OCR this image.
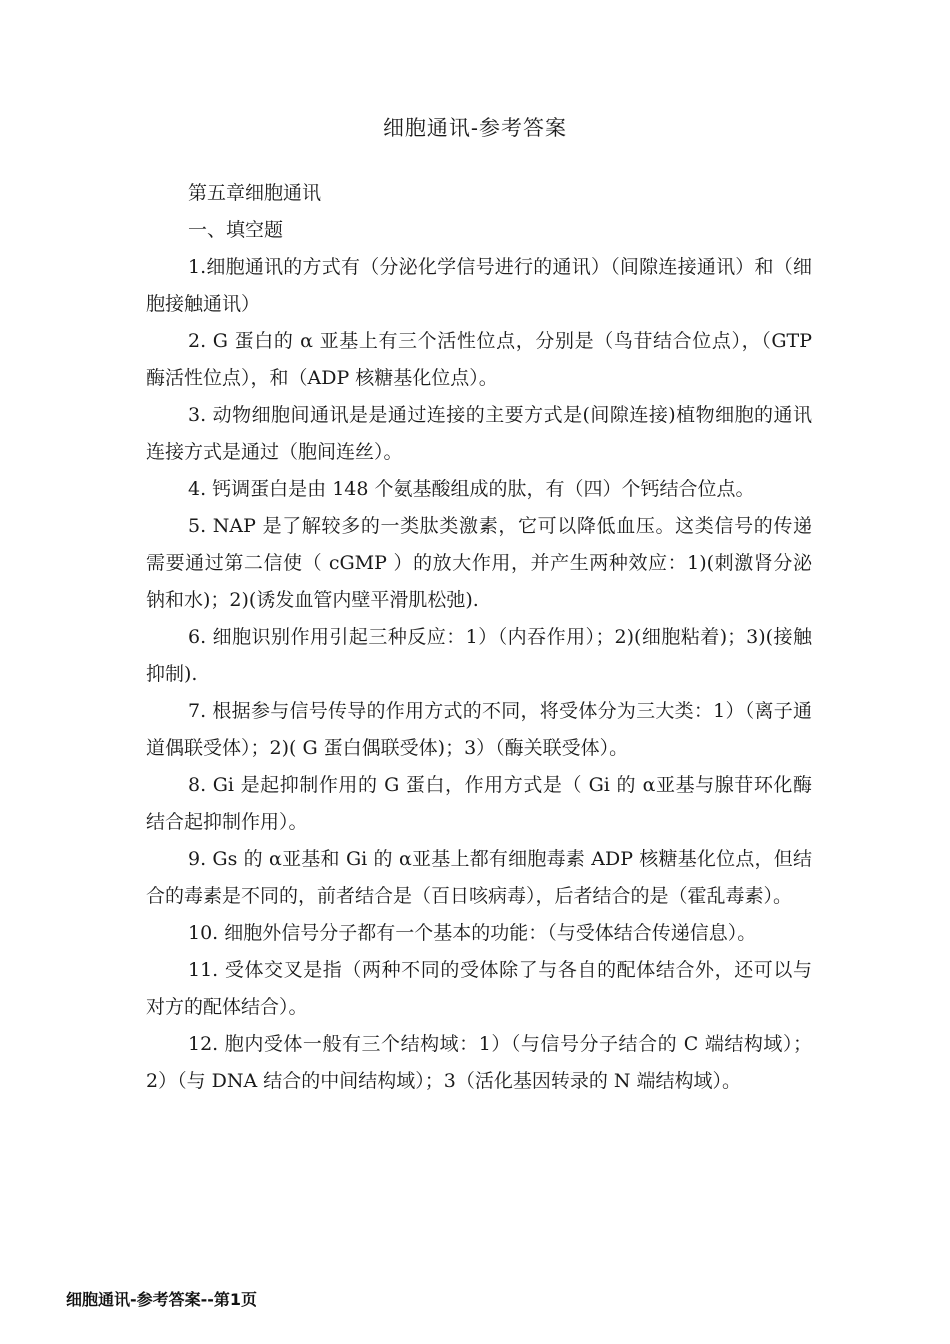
细胞通讯-参考答案

第五章细胞通讯

一、填空题

1.细胞通讯的方式有（分泌化学信号进行的通讯）（间隙连接通讯）和（细胞接触通讯）

2. G 蛋白的 α 亚基上有三个活性位点，分别是（鸟苷结合位点），（GTP 酶活性位点），和（ADP 核糖基化位点）。

3. 动物细胞间通讯是是通过连接的主要方式是(间隙连接)植物细胞的通讯连接方式是通过（胞间连丝）。

4. 钙调蛋白是由 148 个氨基酸组成的肽，有（四）个钙结合位点。

5. NAP 是了解较多的一类肽类激素，它可以降低血压。这类信号的传递需要通过第二信使（ cGMP ）的放大作用，并产生两种效应：1)(刺激肾分泌钠和水)；2)(诱发血管内壁平滑肌松弛).

6. 细胞识别作用引起三种反应：1）（内吞作用）；2)(细胞粘着)；3)(接触抑制).

7. 根据参与信号传导的作用方式的不同，将受体分为三大类：1）（离子通道偶联受体）；2)( G 蛋白偶联受体)；3）（酶关联受体）。

8. Gi 是起抑制作用的 G 蛋白，作用方式是（ Gi 的 α亚基与腺苷环化酶结合起抑制作用）。

9. Gs 的 α亚基和 Gi 的 α亚基上都有细胞毒素 ADP 核糖基化位点，但结合的毒素是不同的，前者结合是（百日咳病毒），后者结合的是（霍乱毒素）。

10. 细胞外信号分子都有一个基本的功能：（与受体结合传递信息）。

11. 受体交叉是指（两种不同的受体除了与各自的配体结合外，还可以与对方的配体结合）。

12. 胞内受体一般有三个结构域：1）（与信号分子结合的 C 端结构域）；2）（与 DNA 结合的中间结构域）；3（活化基因转录的 N 端结构域）。

细胞通讯-参考答案--第1页
